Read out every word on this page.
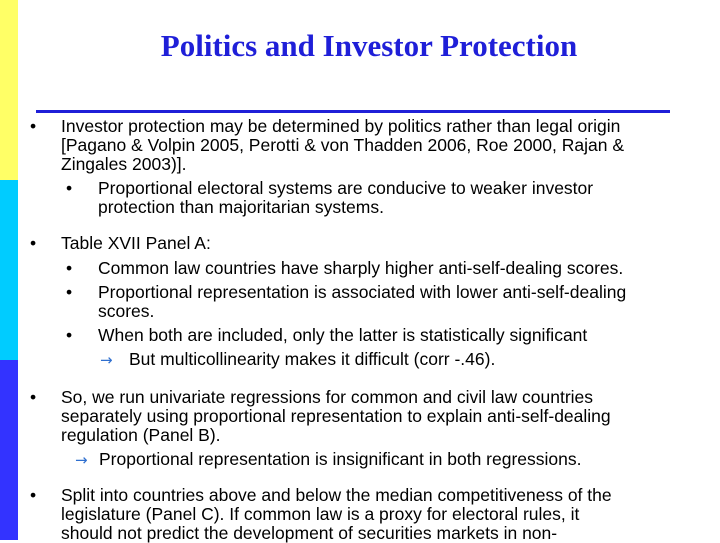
Politics and Investor Protection
• Investor protection may be determined by politics rather than legal origin
[Pagano & Volpin 2005, Perotti & von Thadden 2006, Roe 2000, Rajan &
Zingales 2003)].
• Proportional electoral systems are conducive to weaker investor
protection than majoritarian systems.
• Table XVII Panel A:
• Common law countries have sharply higher anti-self-dealing scores.
• Proportional representation is associated with lower anti-self-dealing
scores.
• When both are included, only the latter is statistically significant
→ But multicollinearity makes it difficult (corr -.46).
• So, we run univariate regressions for common and civil law countries
separately using proportional representation to explain anti-self-dealing
regulation (Panel B).
→ Proportional representation is insignificant in both regressions.
• Split into countries above and below the median competitiveness of the
legislature (Panel C). If common law is a proxy for electoral rules, it
should not predict the development of securities markets in non-
